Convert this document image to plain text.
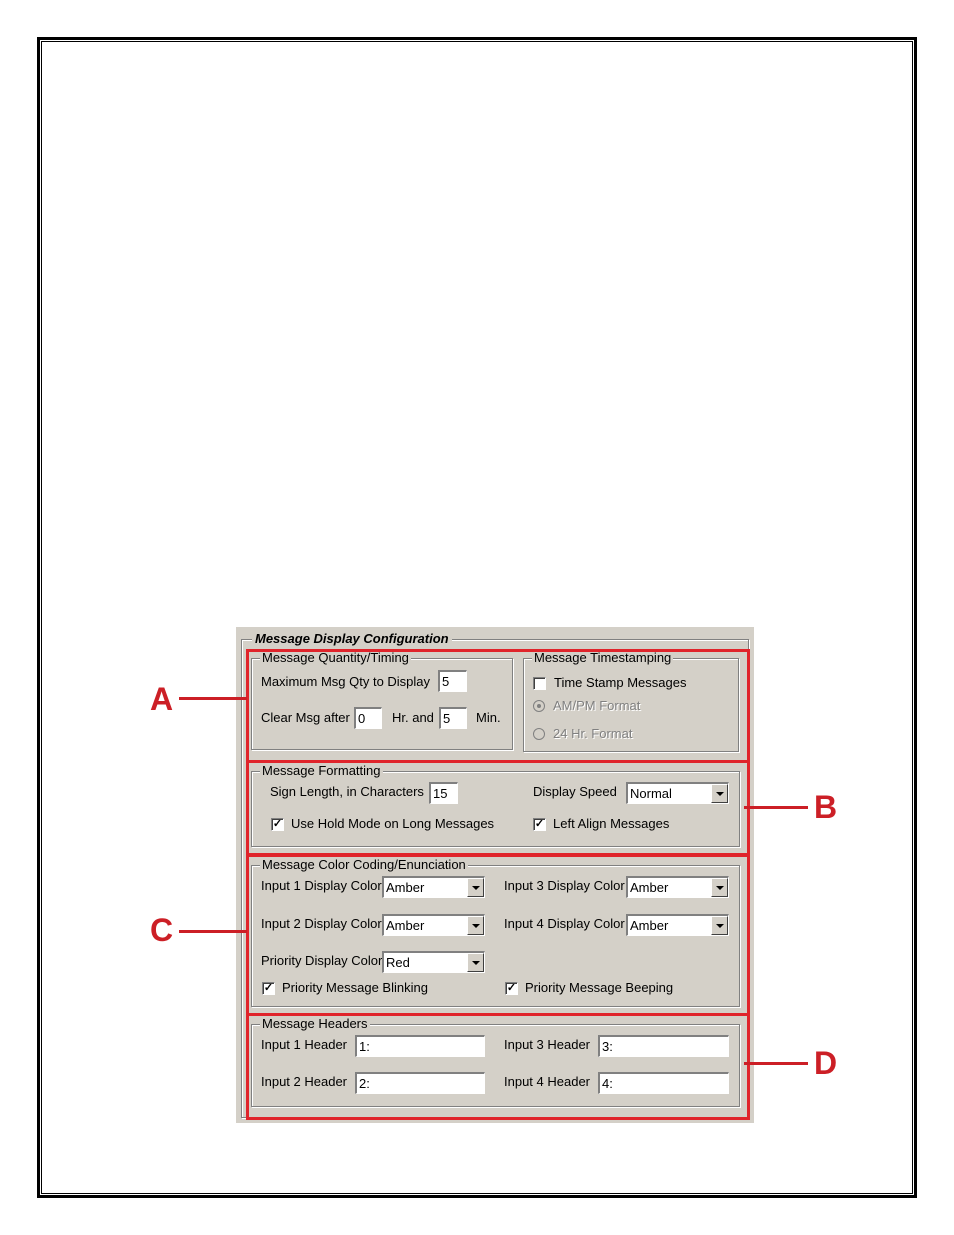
Message Display Configuration
Message Quantity/Timing
Maximum Msg Qty to Display 5
Clear Msg after 0	Hr. and 5	Min.
Message Timestamping
Time Stamp Messages
AM/PM Format
24 Hr. Format
Message Formatting
Sign Length, in Characters 15	Display Speed Normal
✓ Use Hold Mode on Long Messages	✓ Left Align Messages
Message Color Coding/Enunciation
Input 1 Display Color Amber	Input 3 Display Color Amber
Input 2 Display Color Amber	Input 4 Display Color Amber
Priority Display Color Red
✓ Priority Message Blinking	✓ Priority Message Beeping
Message Headers
Input 1 Header 1:	Input 3 Header 3:
Input 2 Header 2:	Input 4 Header 4:
A
B
C
D
